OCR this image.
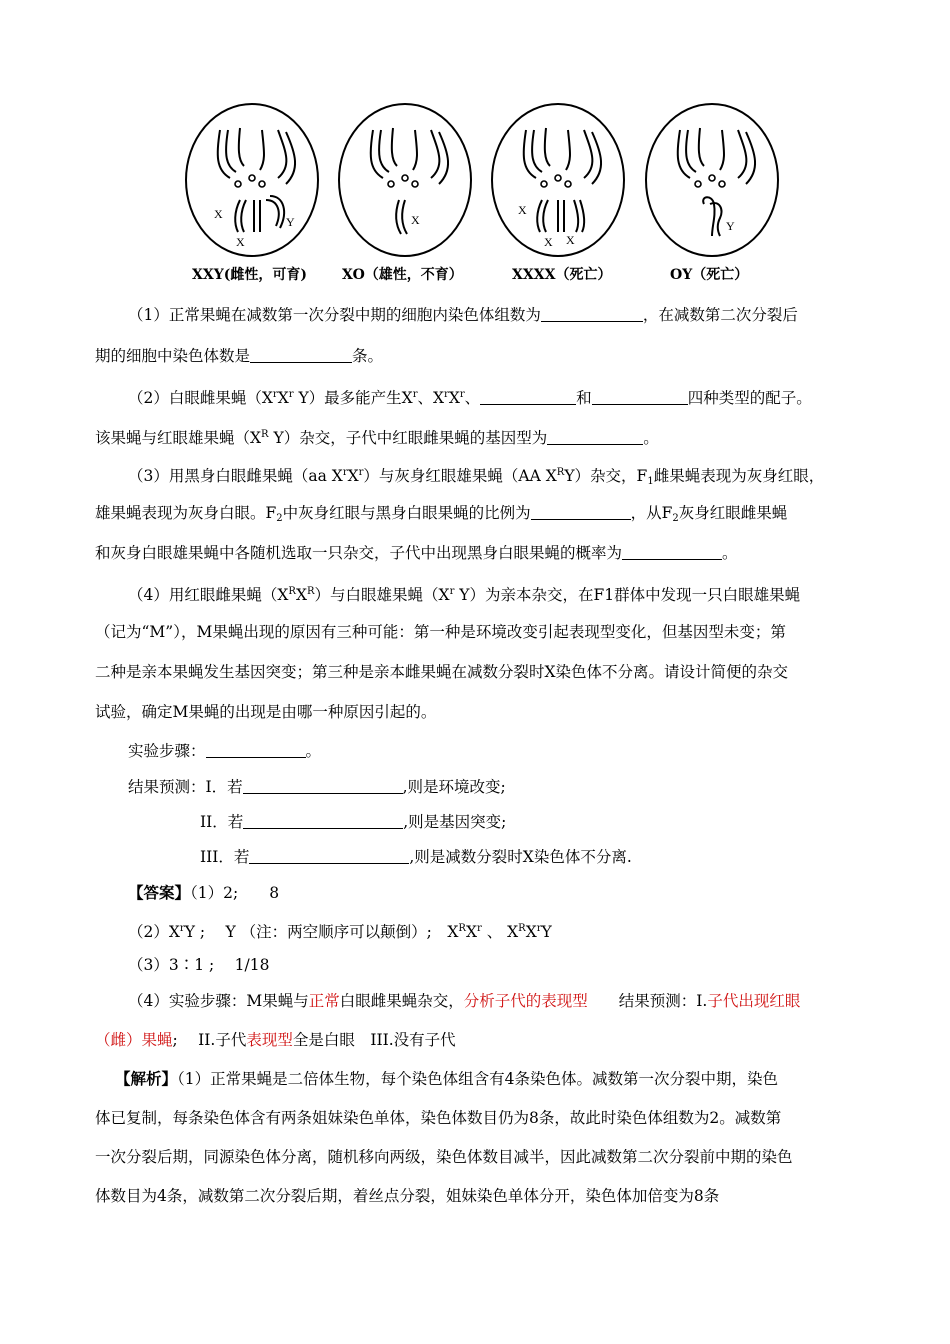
X
X
Y
XXY(雌性，可育)
X
XO（雄性，不育）
X
X X
XXXX（死亡）
Y
OY（死亡）
（1）正常果蝇在减数第一次分裂中期的细胞内染色体组数为	，在减数第二次分裂后
期的细胞中染色体数是	条。
（2）白眼雌果蝇（$X^rX^r$ Y）最多能产生$X^r$、$X^rX^r$、	和	四种类型的配子。
该果蝇与红眼雄果蝇（$X^R$ Y）杂交，子代中红眼雌果蝇的基因型为	。
（3）用黑身白眼雌果蝇（aa $X^rX^r$）与灰身红眼雄果蝇（AA $X^RY$）杂交，$F_1$雌果蝇表现为灰身红眼，
雄果蝇表现为灰身白眼。$F_2$中灰身红眼与黑身白眼果蝇的比例为	，从$F_2$灰身红眼雌果蝇
和灰身白眼雄果蝇中各随机选取一只杂交，子代中出现黑身白眼果蝇的概率为	。
（4）用红眼雌果蝇$(X^RX^R)$与白眼雄果蝇（$X^r$ Y）为亲本杂交，在F1群体中发现一只白眼雄果蝇
（记为“M”），M果蝇出现的原因有三种可能：第一种是环境改变引起表现型变化，但基因型未变；第
二种是亲本果蝇发生基因突变；第三种是亲本雌果蝇在减数分裂时X染色体不分离。请设计简便的杂交
试验，确定M果蝇的出现是由哪一种原因引起的。
实验步骤：	。
结果预测：I．若	,则是环境改变;
II．若	,则是基因突变;
III．若	,则是减数分裂时X染色体不分离.
【答案】（1）2;　　8
$(2)X^rY$ ;　 Y （注：两空顺序可以颠倒）;　$X^RX^r$ 、 $X^RX^rY$
（3）3∶1 ;　 1/18
（4）实验步骤：M果蝇与正常白眼雌果蝇杂交，分析子代的表现型　　结果预测：I.子代出现红眼
（雌）果蝇;　 II.子代表现型全是白眼　III.没有子代
【解析】（1）正常果蝇是二倍体生物，每个染色体组含有4条染色体。减数第一次分裂中期，染色
体已复制，每条染色体含有两条姐妹染色单体，染色体数目仍为8条，故此时染色体组数为2。减数第
一次分裂后期，同源染色体分离，随机移向两级，染色体数目减半，因此减数第二次分裂前中期的染色
体数目为4条，减数第二次分裂后期，着丝点分裂，姐妹染色单体分开，染色体加倍变为8条
